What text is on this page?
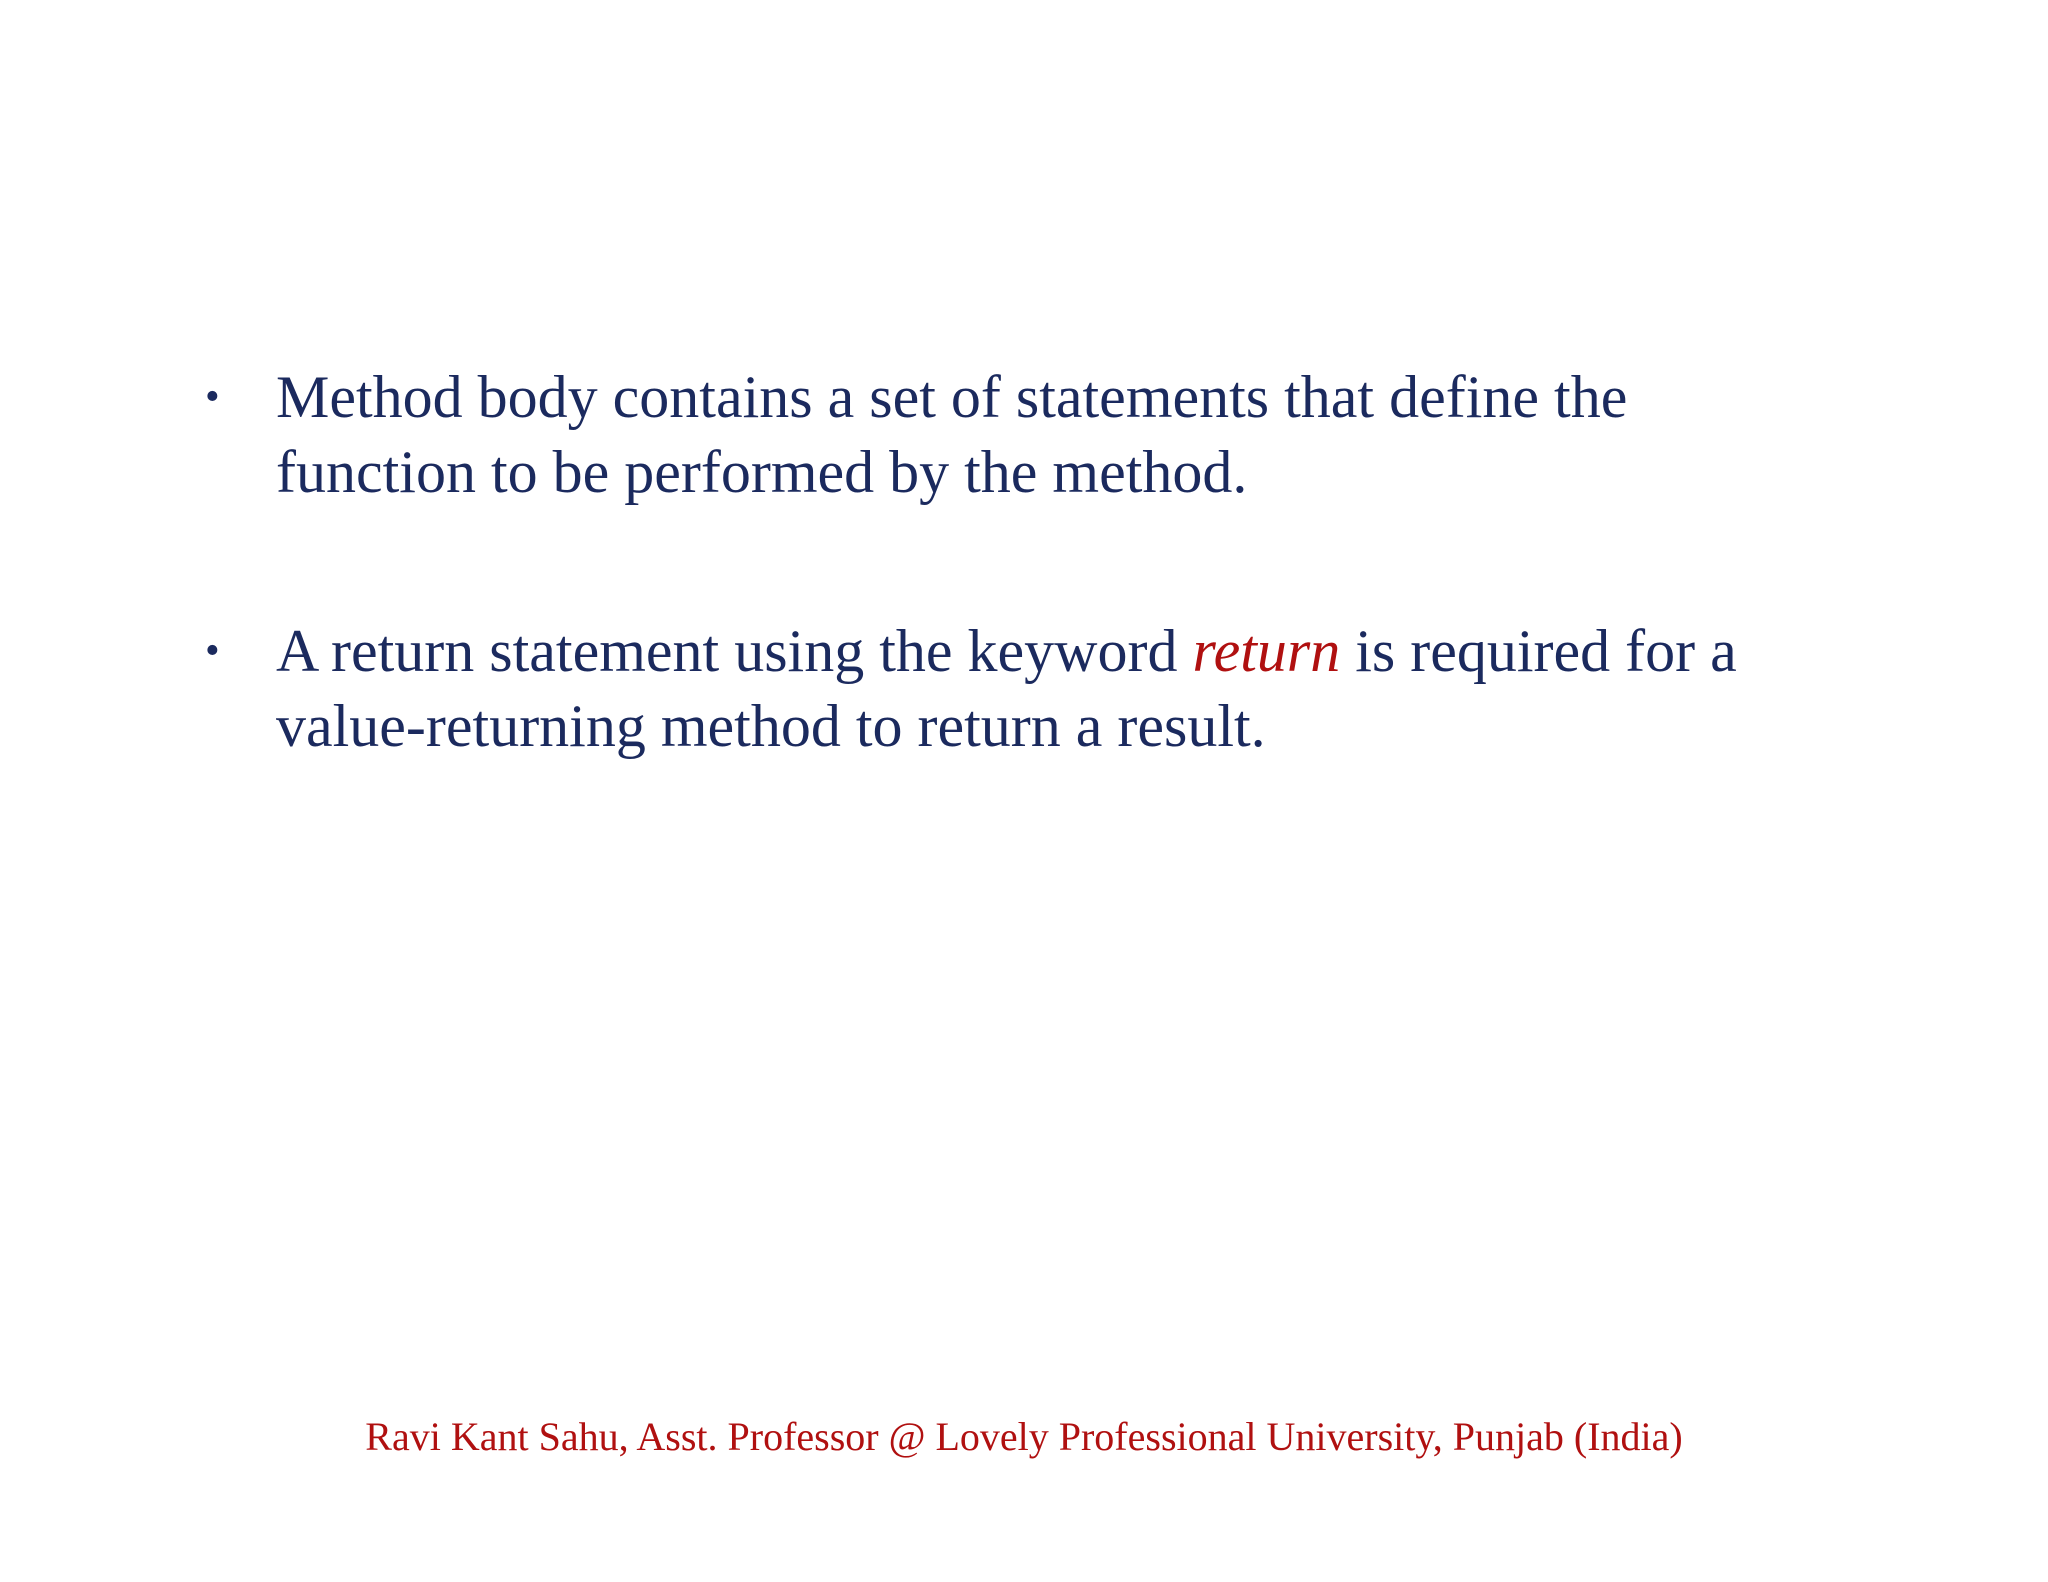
• Method body contains a set of statements that define the function to be performed by the method.
• A return statement using the keyword return is required for a value-returning method to return a result.
Ravi Kant Sahu, Asst. Professor @ Lovely Professional University, Punjab (India)
